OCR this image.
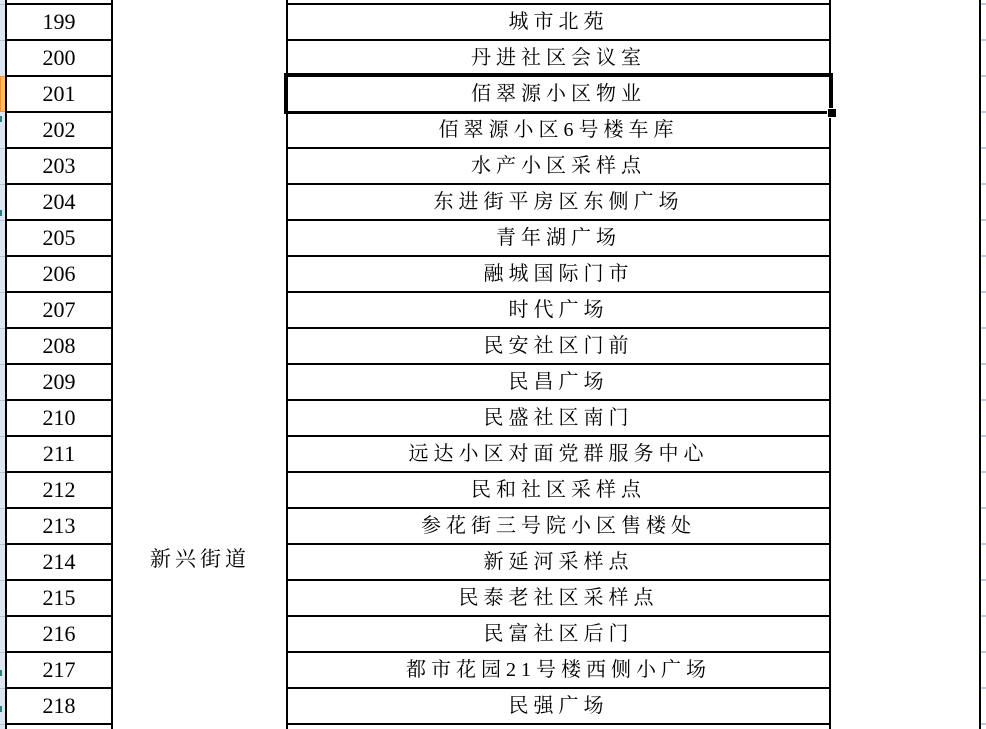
199	城市北苑
200	丹进社区会议室
201	佰翠源小区物业
202	佰翠源小区6号楼车库
203	水产小区采样点
204	东进街平房区东侧广场
205	青年湖广场
206	融城国际门市
207	时代广场
208	民安社区门前
209	民昌广场
210	民盛社区南门
211	远达小区对面党群服务中心
212	民和社区采样点
213	参花街三号院小区售楼处
214	新延河采样点
215	民泰老社区采样点
216	民富社区后门
217	都市花园21号楼西侧小广场
218	民强广场
新兴街道
